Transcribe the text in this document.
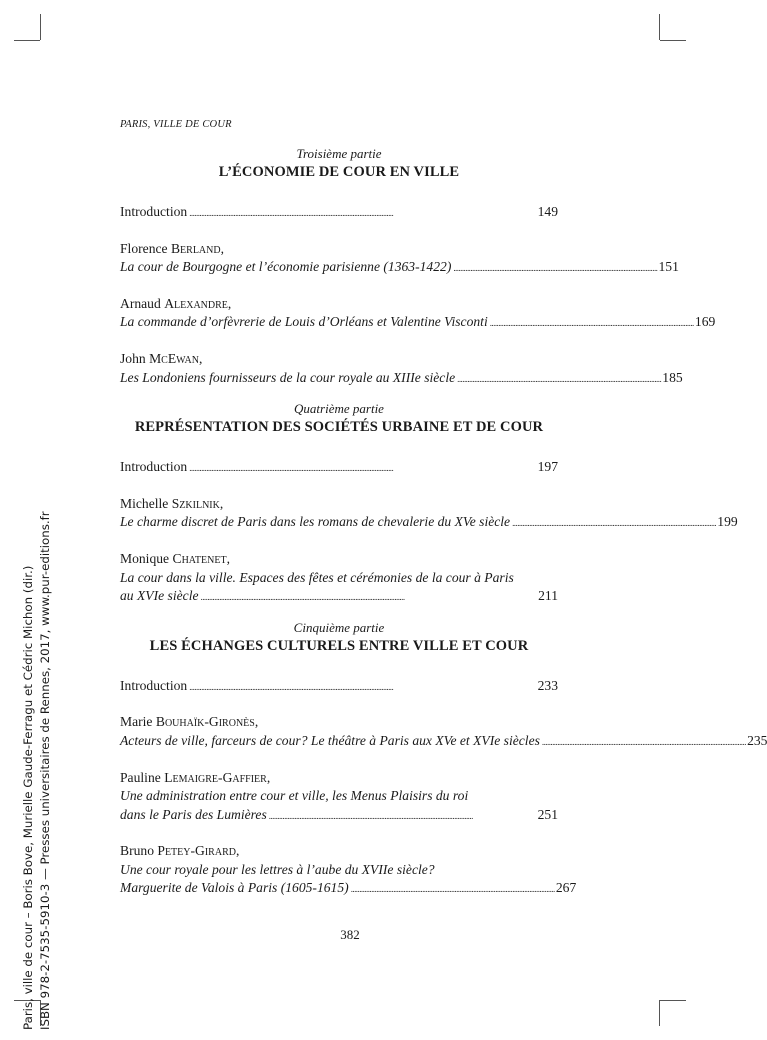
PARIS, VILLE DE COUR
Troisième partie
L’ÉCONOMIE DE COUR EN VILLE
Introduction . . .	149
Florence Berland,
La cour de Bourgogne et l’économie parisienne (1363-1422) . . .	151
Arnaud Alexandre,
La commande d’orfèvrerie de Louis d’Orléans et Valentine Visconti . . .	169
John McEwan,
Les Londoniens fournisseurs de la cour royale au XIIIe siècle . . .	185
Quatrième partie
REPRÉSENTATION DES SOCIÉTÉS URBAINE ET DE COUR
Introduction . . .	197
Michelle Szkilnik,
Le charme discret de Paris dans les romans de chevalerie du XVe siècle . . .	199
Monique Chatenet,
La cour dans la ville. Espaces des fêtes et cérémonies de la cour à Paris
au XVIe siècle . . .	211
Cinquième partie
LES ÉCHANGES CULTURELS ENTRE VILLE ET COUR
Introduction . . .	233
Marie Bouhaïk-Gironès,
Acteurs de ville, farceurs de cour? Le théâtre à Paris aux XVe et XVIe siècles . . .	235
Pauline Lemaigre-Gaffier,
Une administration entre cour et ville, les Menus Plaisirs du roi
dans le Paris des Lumières . . .	251
Bruno Petey-Girard,
Une cour royale pour les lettres à l’aube du XVIIe siècle?
Marguerite de Valois à Paris (1605-1615) . . .	267
382
Paris, ville de cour – Boris Bove, Murielle Gaude-Ferragu et Cédric Michon (dir.) ISBN 978-2-7535-5910-3 — Presses universitaires de Rennes, 2017, www.pur-editions.fr
